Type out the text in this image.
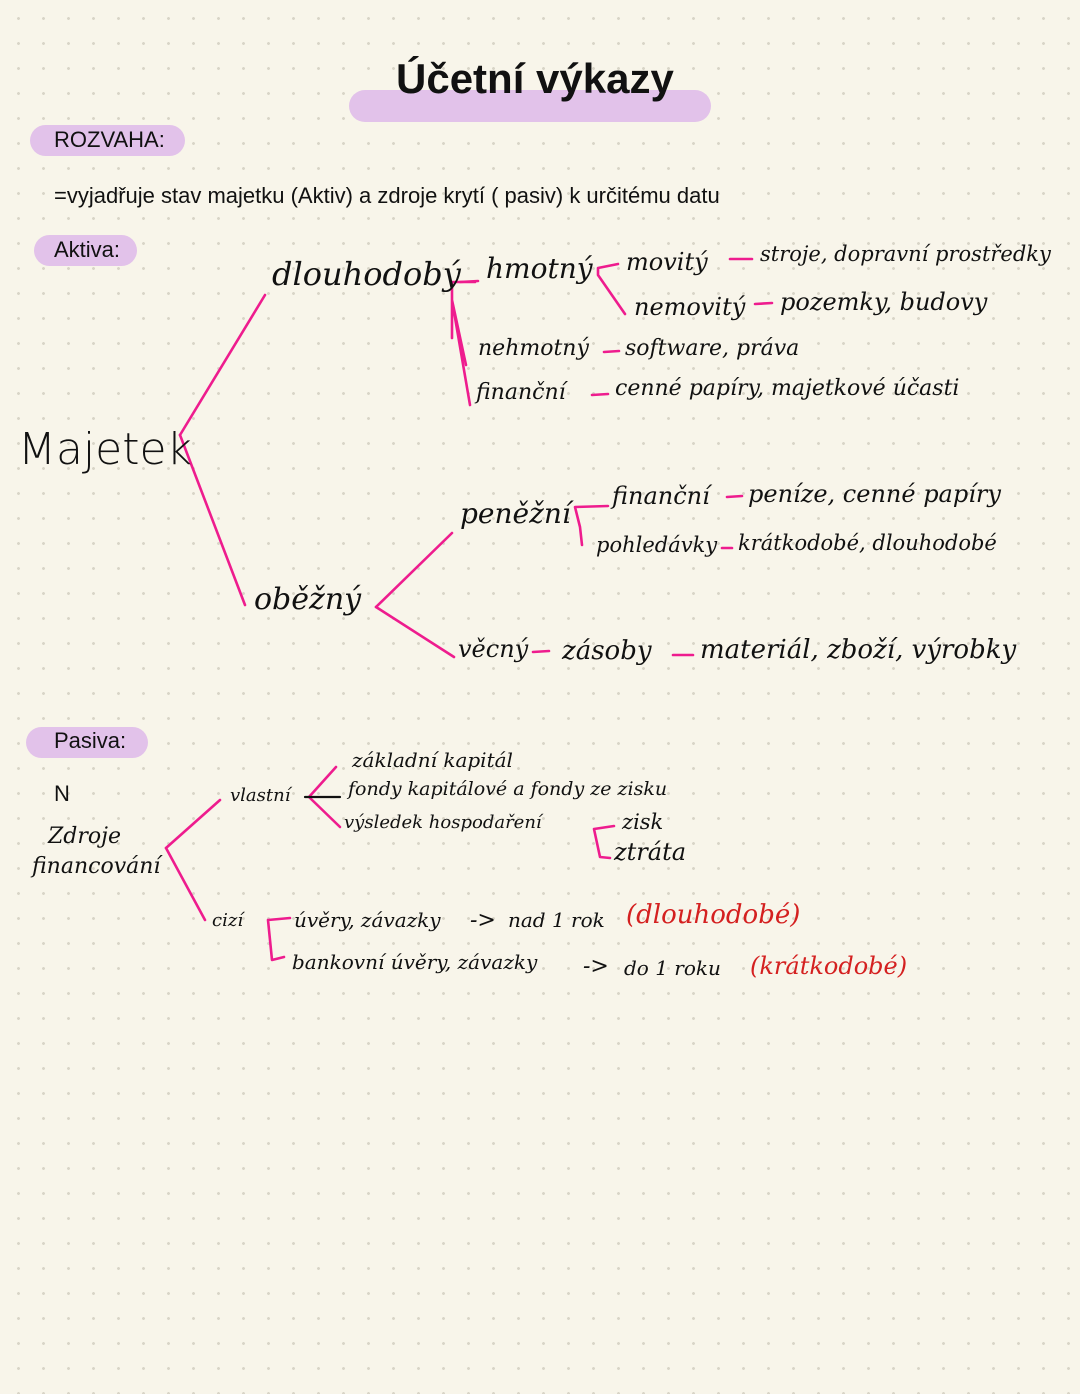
Účetní výkazy
ROZVAHA:
=vyjadřuje stav majetku (Aktiv) a zdroje krytí ( pasiv) k určitému datu
Aktiva:
Pasiva:
N
Majetek
dlouhodobý hmotný movitý stroje, dopravní prostředky
nemovitý pozemky, budovy
nehmotný software, práva
finanční cenné papíry, majetkové účasti
oběžný
peněžní
finanční peníze, cenné papíry
pohledávky krátkodobé, dlouhodobé
věcný zásoby materiál, zboží, výrobky
Zdroje
financování
vlastní
základní kapitál
fondy kapitálové a fondy ze zisku
výsledek hospodaření	zisk
ztráta
cizí	úvěry, závazky -> nad 1 rok (dlouhodobé)
bankovní úvěry, závazky -> do 1 roku (krátkodobé)
